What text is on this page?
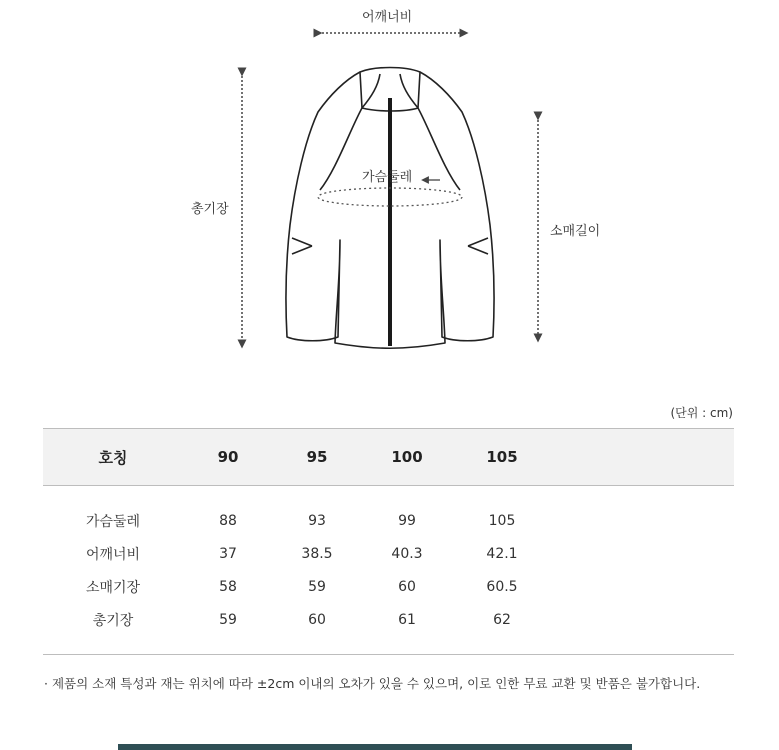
어깨너비
가슴둘레
총기장
소매길이
(단위 : cm)
호칭	90	95	100	105	
가슴둘레	88	93	99	105	
어깨너비	37	38.5	40.3	42.1	
소매기장	58	59	60	60.5	
총기장	59	60	61	62	
· 제품의 소재 특성과 재는 위치에 따라 ±2cm 이내의 오차가 있을 수 있으며, 이로 인한 무료 교환 및 반품은 불가합니다.
